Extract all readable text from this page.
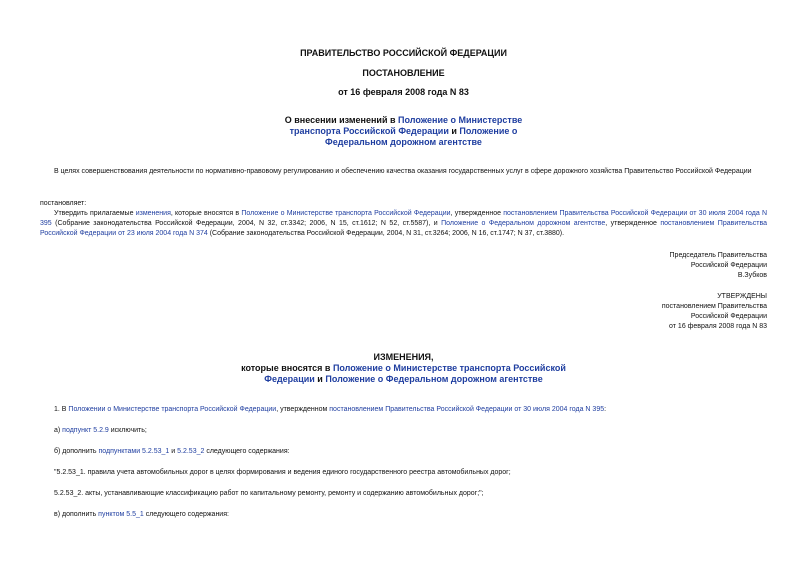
ПРАВИТЕЛЬСТВО РОССИЙСКОЙ ФЕДЕРАЦИИ
ПОСТАНОВЛЕНИЕ
от 16 февраля 2008 года N 83
О внесении изменений в Положение о Министерстве транспорта Российской Федерации и Положение о Федеральном дорожном агентстве
В целях совершенствования деятельности по нормативно-правовому регулированию и обеспечению качества оказания государственных услуг в сфере дорожного хозяйства Правительство Российской Федерации
постановляет:
Утвердить прилагаемые изменения, которые вносятся в Положение о Министерстве транспорта Российской Федерации, утвержденное постановлением Правительства Российской Федерации от 30 июля 2004 года N 395 (Собрание законодательства Российской Федерации, 2004, N 32, ст.3342; 2006, N 15, ст.1612; N 52, ст.5587), и Положение о Федеральном дорожном агентстве, утвержденное постановлением Правительства Российской Федерации от 23 июля 2004 года N 374 (Собрание законодательства Российской Федерации, 2004, N 31, ст.3264; 2006, N 16, ст.1747; N 37, ст.3880).
Председатель Правительства
Российской Федерации
В.Зубков
УТВЕРЖДЕНЫ
постановлением Правительства
Российской Федерации
от 16 февраля 2008 года N 83
ИЗМЕНЕНИЯ,
которые вносятся в Положение о Министерстве транспорта Российской Федерации и Положение о Федеральном дорожном агентстве
1. В Положении о Министерстве транспорта Российской Федерации, утвержденном постановлением Правительства Российской Федерации от 30 июля 2004 года N 395:
а) подпункт 5.2.9 исключить;
б) дополнить подпунктами 5.2.53_1 и 5.2.53_2 следующего содержания:
"5.2.53_1. правила учета автомобильных дорог в целях формирования и ведения единого государственного реестра автомобильных дорог;
5.2.53_2. акты, устанавливающие классификацию работ по капитальному ремонту, ремонту и содержанию автомобильных дорог;";
в) дополнить пунктом 5.5_1 следующего содержания:
